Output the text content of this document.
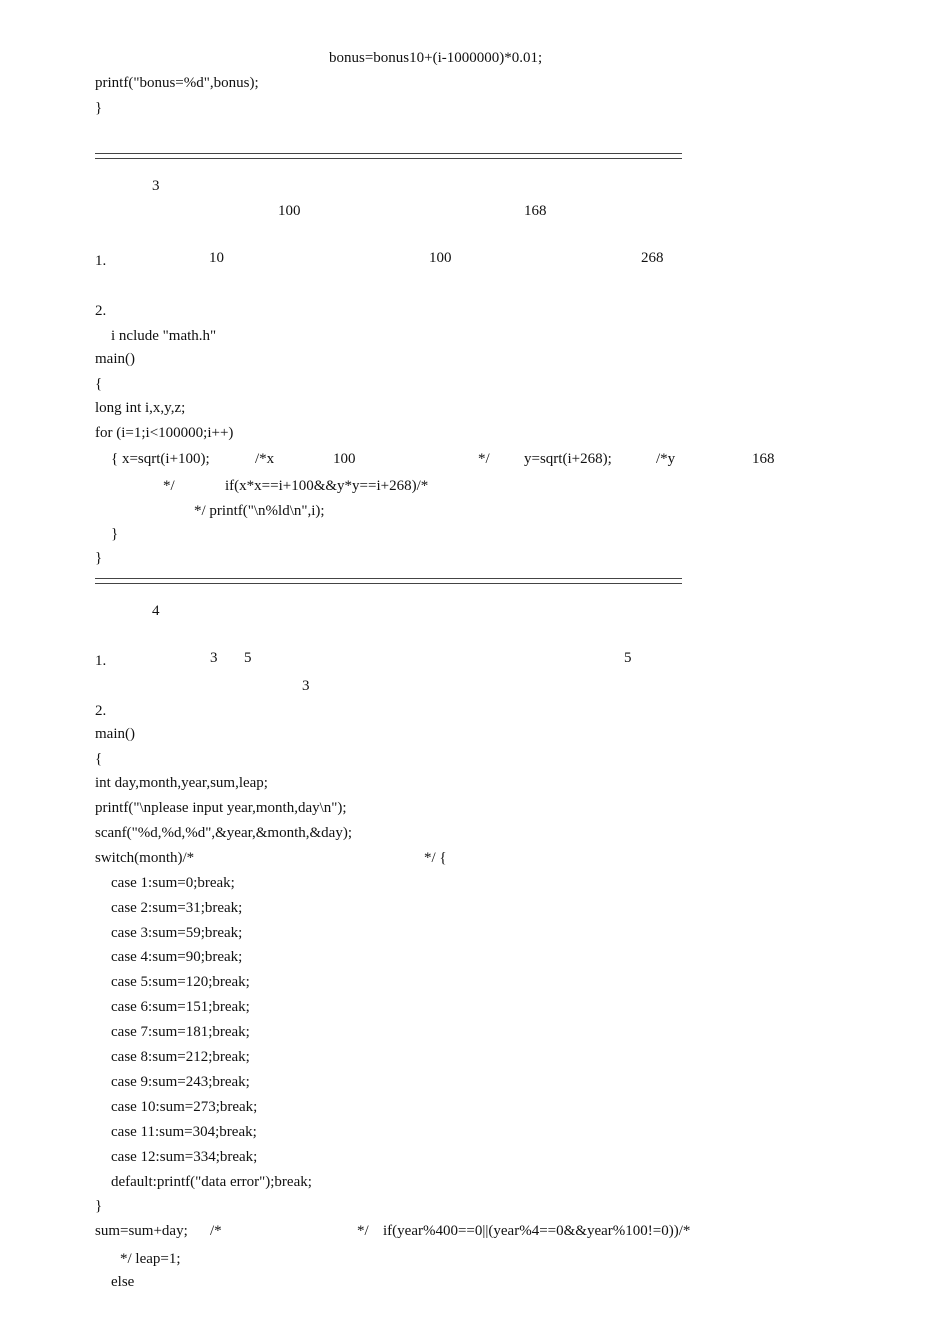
bonus=bonus10+(i-1000000)*0.01;
printf("bonus=%d",bonus);
}
3
100	168
1.	10	100	268
2.
i nclude "math.h"
main()
{
long int i,x,y,z;
for (i=1;i<100000;i++)
{ x=sqrt(i+100);	/*x	100	*/ y=sqrt(i+268);	/*y	168
*/	if(x*x==i+100&&y*y==i+268)/*
*/ printf("\n%ld\n",i);
}
}
4
1.	3 5	5
3
2.
main()
{
int day,month,year,sum,leap;
printf("\nplease input year,month,day\n");
scanf("%d,%d,%d",&year,&month,&day);
switch(month)/*	*/ {
case 1:sum=0;break;
case 2:sum=31;break;
case 3:sum=59;break;
case 4:sum=90;break;
case 5:sum=120;break;
case 6:sum=151;break;
case 7:sum=181;break;
case 8:sum=212;break;
case 9:sum=243;break;
case 10:sum=273;break;
case 11:sum=304;break;
case 12:sum=334;break;
default:printf("data error");break;
}
sum=sum+day; /*	*/ if(year%400==0||(year%4==0&&year%100!=0))/*
*/ leap=1;
else
